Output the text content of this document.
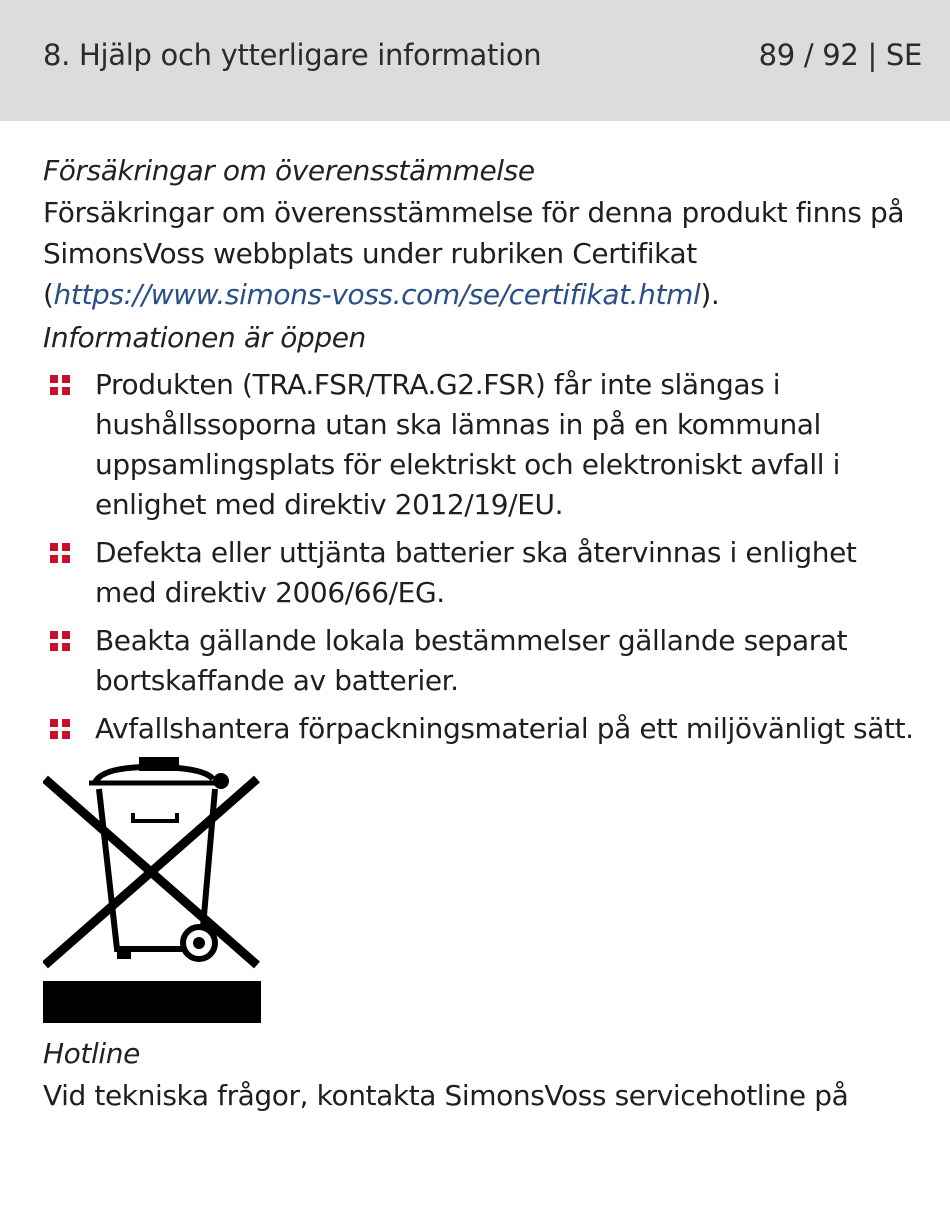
8. Hjälp och ytterligare information	89 / 92 | SE

Försäkringar om överensstämmelse

Försäkringar om överensstämmelse för denna produkt finns på SimonsVoss webbplats under rubriken Certifikat (https://www.simons-voss.com/se/certifikat.html).

Informationen är öppen

Produkten (TRA.FSR/TRA.G2.FSR) får inte slängas i hushållssoporna utan ska lämnas in på en kommunal uppsamlingsplats för elektriskt och elektroniskt avfall i enlighet med direktiv 2012/19/EU.
Defekta eller uttjänta batterier ska återvinnas i enlighet med direktiv 2006/66/EG.
Beakta gällande lokala bestämmelser gällande separat bortskaffande av batterier.
Avfallshantera förpackningsmaterial på ett miljövänligt sätt.

Hotline

Vid tekniska frågor, kontakta SimonsVoss servicehotline på
